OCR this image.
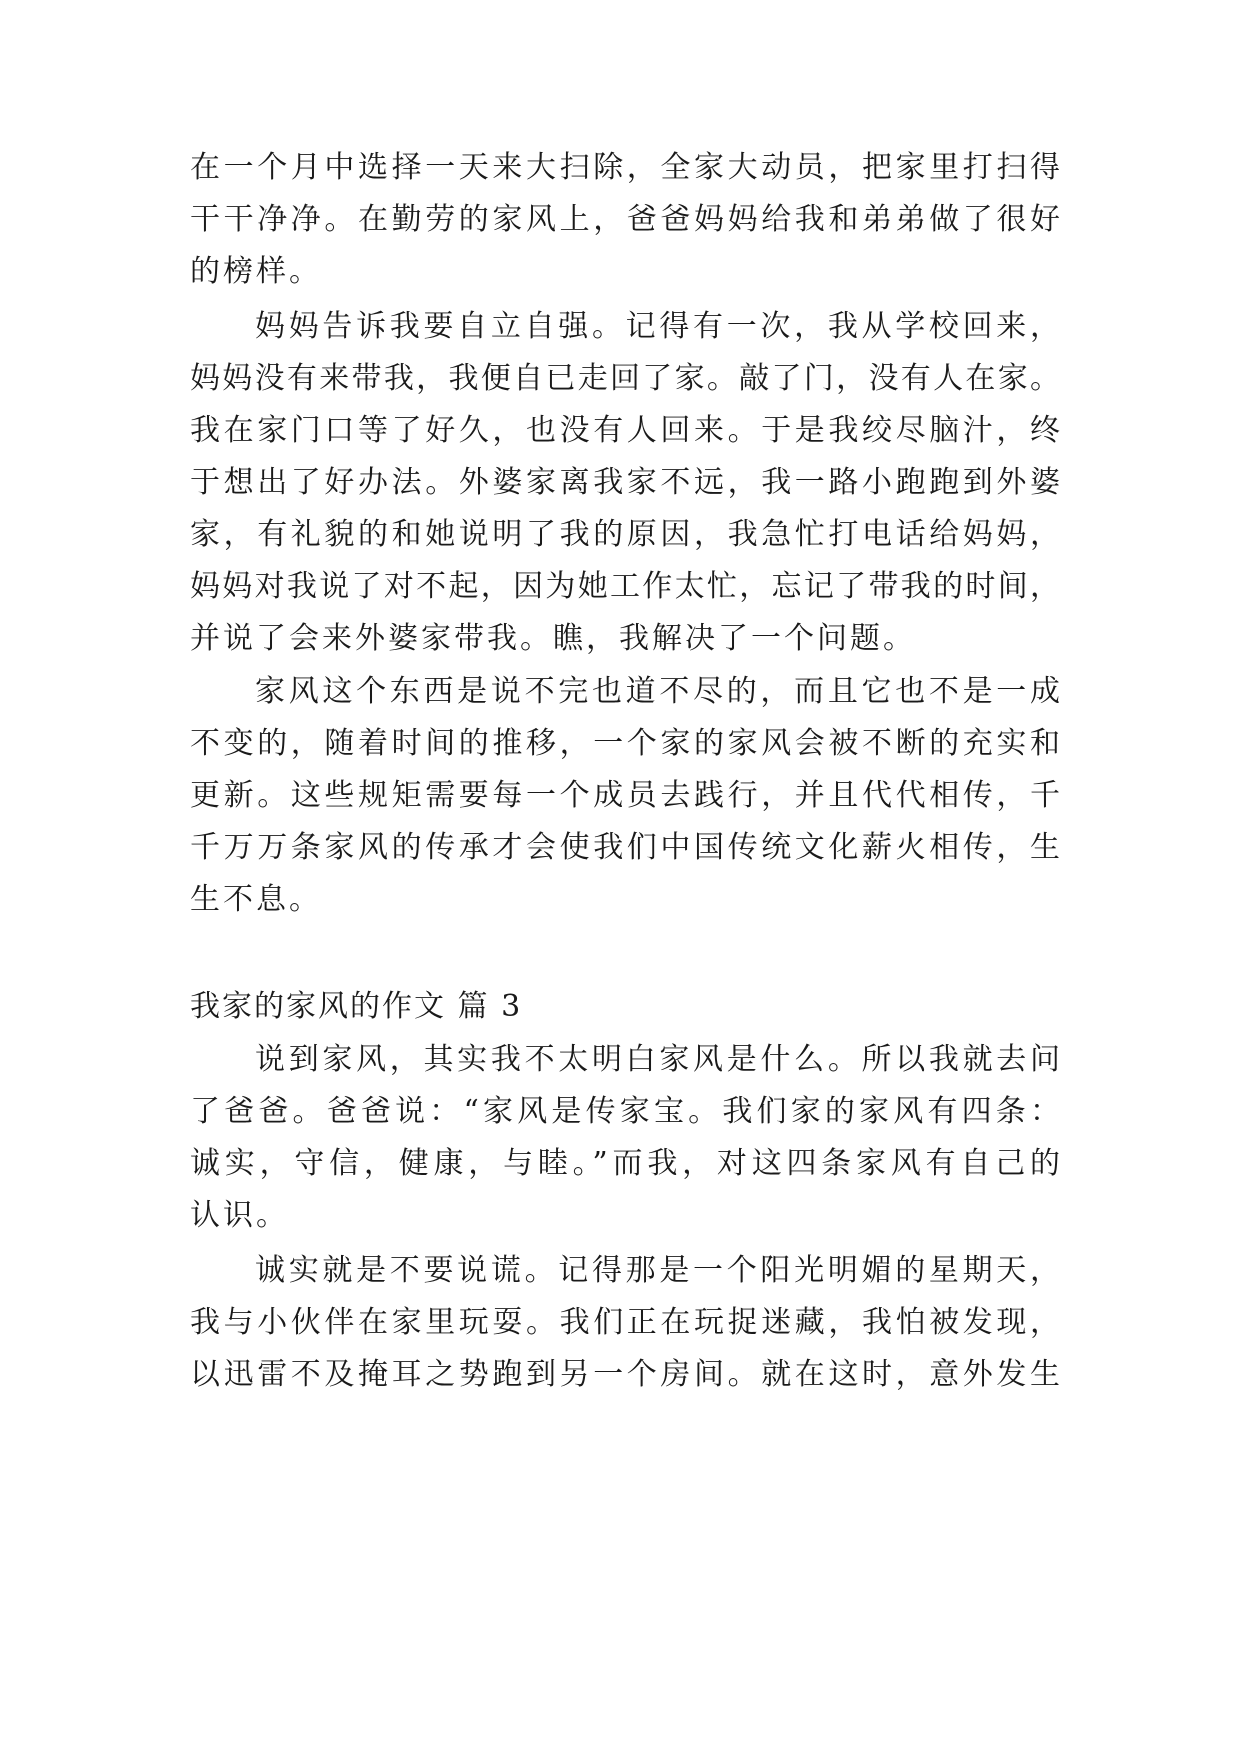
在一个月中选择一天来大扫除，全家大动员，把家里打扫得
干干净净。在勤劳的家风上，爸爸妈妈给我和弟弟做了很好
的榜样。
妈妈告诉我要自立自强。记得有一次，我从学校回来，
妈妈没有来带我，我便自已走回了家。敲了门，没有人在家。
我在家门口等了好久，也没有人回来。于是我绞尽脑汁，终
于想出了好办法。外婆家离我家不远，我一路小跑跑到外婆
家，有礼貌的和她说明了我的原因，我急忙打电话给妈妈，
妈妈对我说了对不起，因为她工作太忙，忘记了带我的时间，
并说了会来外婆家带我。瞧，我解决了一个问题。
家风这个东西是说不完也道不尽的，而且它也不是一成
不变的，随着时间的推移，一个家的家风会被不断的充实和
更新。这些规矩需要每一个成员去践行，并且代代相传，千
千万万条家风的传承才会使我们中国传统文化薪火相传，生
生不息。
我家的家风的作文 篇 3
说到家风，其实我不太明白家风是什么。所以我就去问
了爸爸。爸爸说：“家风是传家宝。我们家的家风有四条：
诚实，守信，健康，与睦。”而我，对这四条家风有自己的
认识。
诚实就是不要说谎。记得那是一个阳光明媚的星期天，
我与小伙伴在家里玩耍。我们正在玩捉迷藏，我怕被发现，
以迅雷不及掩耳之势跑到另一个房间。就在这时，意外发生
